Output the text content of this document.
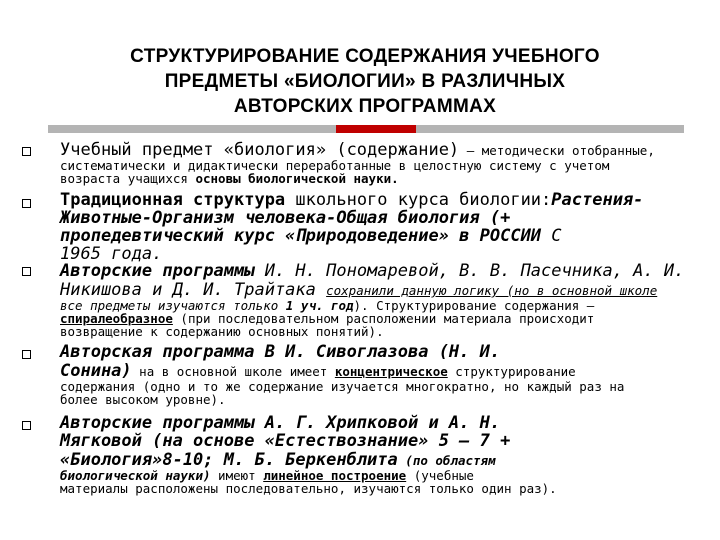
СТРУКТУРИРОВАНИЕ СОДЕРЖАНИЯ УЧЕБНОГО
ПРЕДМЕТЫ «БИОЛОГИИ» В РАЗЛИЧНЫХ
АВТОРСКИХ ПРОГРАММАХ
Учебный предмет «биология» (содержание) – методически отобранные,
систематически и дидактически переработанные в целостную систему с учетом
возраста учащихся основы биологической науки.
Традиционная структура школьного курса биологии:Растения-
Животные-Организм человека-Общая биология (+
пропедевтический курс «Природоведение» в РОССИИ С
1965 года.
Авторские программы И. Н. Пономаревой, В. В. Пасечника, А. И.
Никишова и Д. И. Трайтака сохранили данную логику (но в основной школе
все предметы изучаются только 1 уч. год). Структурирование содержания –
спиралеобразное (при последовательном расположении материала происходит
возвращение к содержанию основных понятий).
Авторская программа В И. Сивоглазова (Н. И.
Сонина) на в основной школе имеет концентрическое структурирование
содержания (одно и то же содержание изучается многократно, но каждый раз на
более высоком уровне).
Авторские программы А. Г. Хрипковой и А. Н.
Мягковой (на основе «Естествознание» 5 – 7 +
«Биология»8-10; М. Б. Беркенблита (по областям
биологической науки) имеют линейное построение (учебные
материалы расположены последовательно, изучаются только один раз).
